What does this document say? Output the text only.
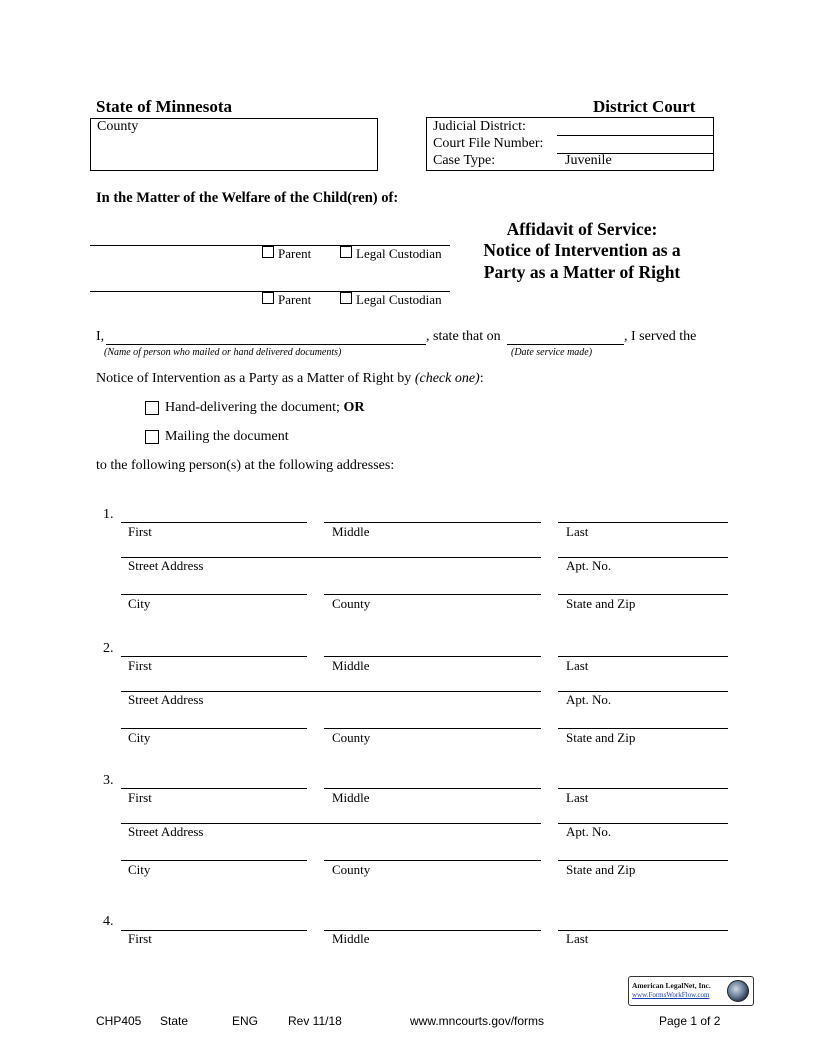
State of Minnesota	District Court
County	Judicial District:
Court File Number:
Case Type:	Juvenile
In the Matter of the Welfare of the Child(ren) of:
Parent	Legal Custodian
Parent	Legal Custodian
Affidavit of Service:
Notice of Intervention as a
Party as a Matter of Right
I,	, state that on	, I served the
(Name of person who mailed or hand delivered documents)	(Date service made)
Notice of Intervention as a Party as a Matter of Right by (check one):
Hand-delivering the document; OR
Mailing the document
to the following person(s) at the following addresses:
1.
First	Middle	Last
Street Address	Apt. No.
City	County	State and Zip
2.
First	Middle	Last
Street Address	Apt. No.
City	County	State and Zip
3.
First	Middle	Last
Street Address	Apt. No.
City	County	State and Zip
4.
First	Middle	Last
American LegalNet, Inc.
www.FormsWorkFlow.com
CHP405 State	ENG Rev 11/18	www.mncourts.gov/forms	Page 1 of 2
